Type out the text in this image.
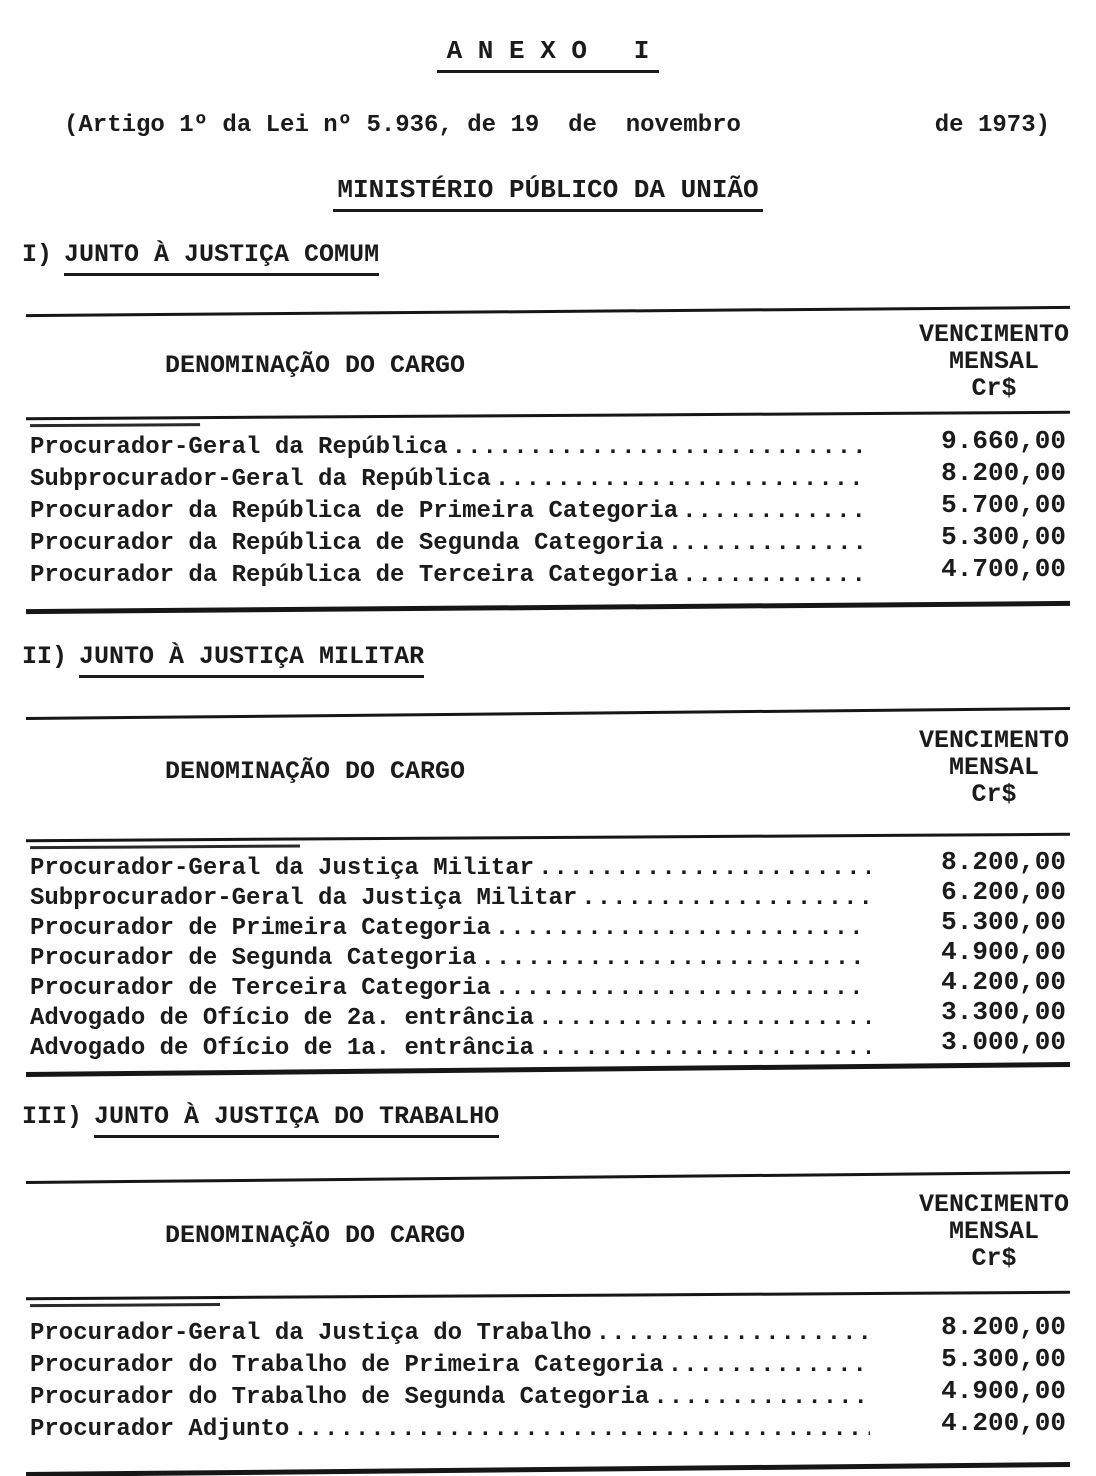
A N E X O   I
(Artigo 1º da Lei nº 5.936, de 19  de  novembro	de 1973)
MINISTÉRIO PÚBLICO DA UNIÃO
I) JUNTO À JUSTIÇA COMUM
DENOMINAÇÃO DO CARGO
VENCIMENTO
MENSAL
Cr$
Procurador-Geral da República .....	9.660,00
Subprocurador-Geral da República .....	8.200,00
Procurador da República de Primeira Categoria .....	5.700,00
Procurador da República de Segunda Categoria .....	5.300,00
Procurador da República de Terceira Categoria .....	4.700,00
II) JUNTO À JUSTIÇA MILITAR
DENOMINAÇÃO DO CARGO
VENCIMENTO
MENSAL
Cr$
Procurador-Geral da Justiça Militar .....	8.200,00
Subprocurador-Geral da Justiça Militar .....	6.200,00
Procurador de Primeira Categoria .....	5.300,00
Procurador de Segunda Categoria .....	4.900,00
Procurador de Terceira Categoria .....	4.200,00
Advogado de Ofício de 2a. entrância .....	3.300,00
Advogado de Ofício de 1a. entrância .....	3.000,00
III) JUNTO À JUSTIÇA DO TRABALHO
DENOMINAÇÃO DO CARGO
VENCIMENTO
MENSAL
Cr$
Procurador-Geral da Justiça do Trabalho .....	8.200,00
Procurador do Trabalho de Primeira Categoria .....	5.300,00
Procurador do Trabalho de Segunda Categoria .....	4.900,00
Procurador Adjunto .....	4.200,00
